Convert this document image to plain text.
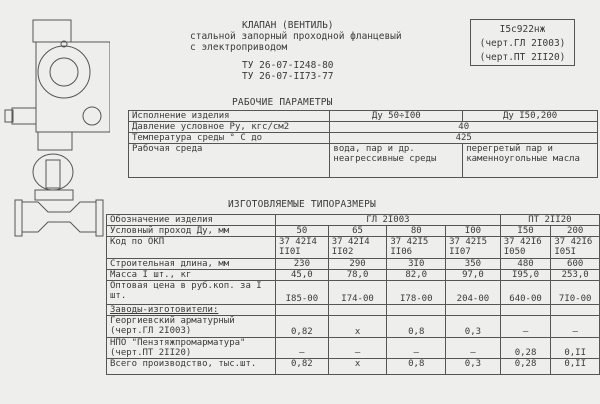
КЛАПАН (ВЕНТИЛЬ)
стальной запорный проходной фланцевый
с электроприводом
ТУ 26-07-I248-80
ТУ 26-07-II73-77
I5с922нж
(черт.ГЛ 2I003)
(черт.ПТ 2II20)
РАБОЧИЕ ПАРАМЕТРЫ
Исполнение изделия	Ду 50÷I00	Ду I50,200
Давление условное Ру, кгс/см2	40	
Температура среды ° С до	425	
Рабочая среда	вода, пар и др. неагрессивные среды	перегретый пар и каменноугольные масла
ИЗГОТОВЛЯЕМЫЕ ТИПОРАЗМЕРЫ
Обозначение изделия	ГЛ 2I003				ПТ 2II20	
Условный проход Ду, мм	50	65	80	I00	I50	200
Код по ОКП	37 42I4 II0I	37 42I4 II02	37 42I5 II06	37 42I5 II07	37 42I6 I050	37 42I6 I05I
Строительная длина, мм	230	290	3I0	350	480	600
Масса I шт., кг	45,0	78,0	82,0	97,0	I95,0	253,0
Оптовая цена в руб.коп. за I шт.	I85-00	I74-00	I78-00	204-00	640-00	7I0-00
Заводы-изготовители:						
Георгиевский арматурный (черт.ГЛ 2I003)	0,82	х	0,8	0,3	–	–
НПО "Пензтяжпромарматура" (черт.ПТ 2II20)	–	–	–	–	0,28	0,II
Всего производство, тыс.шт.	0,82	х	0,8	0,3	0,28	0,II
